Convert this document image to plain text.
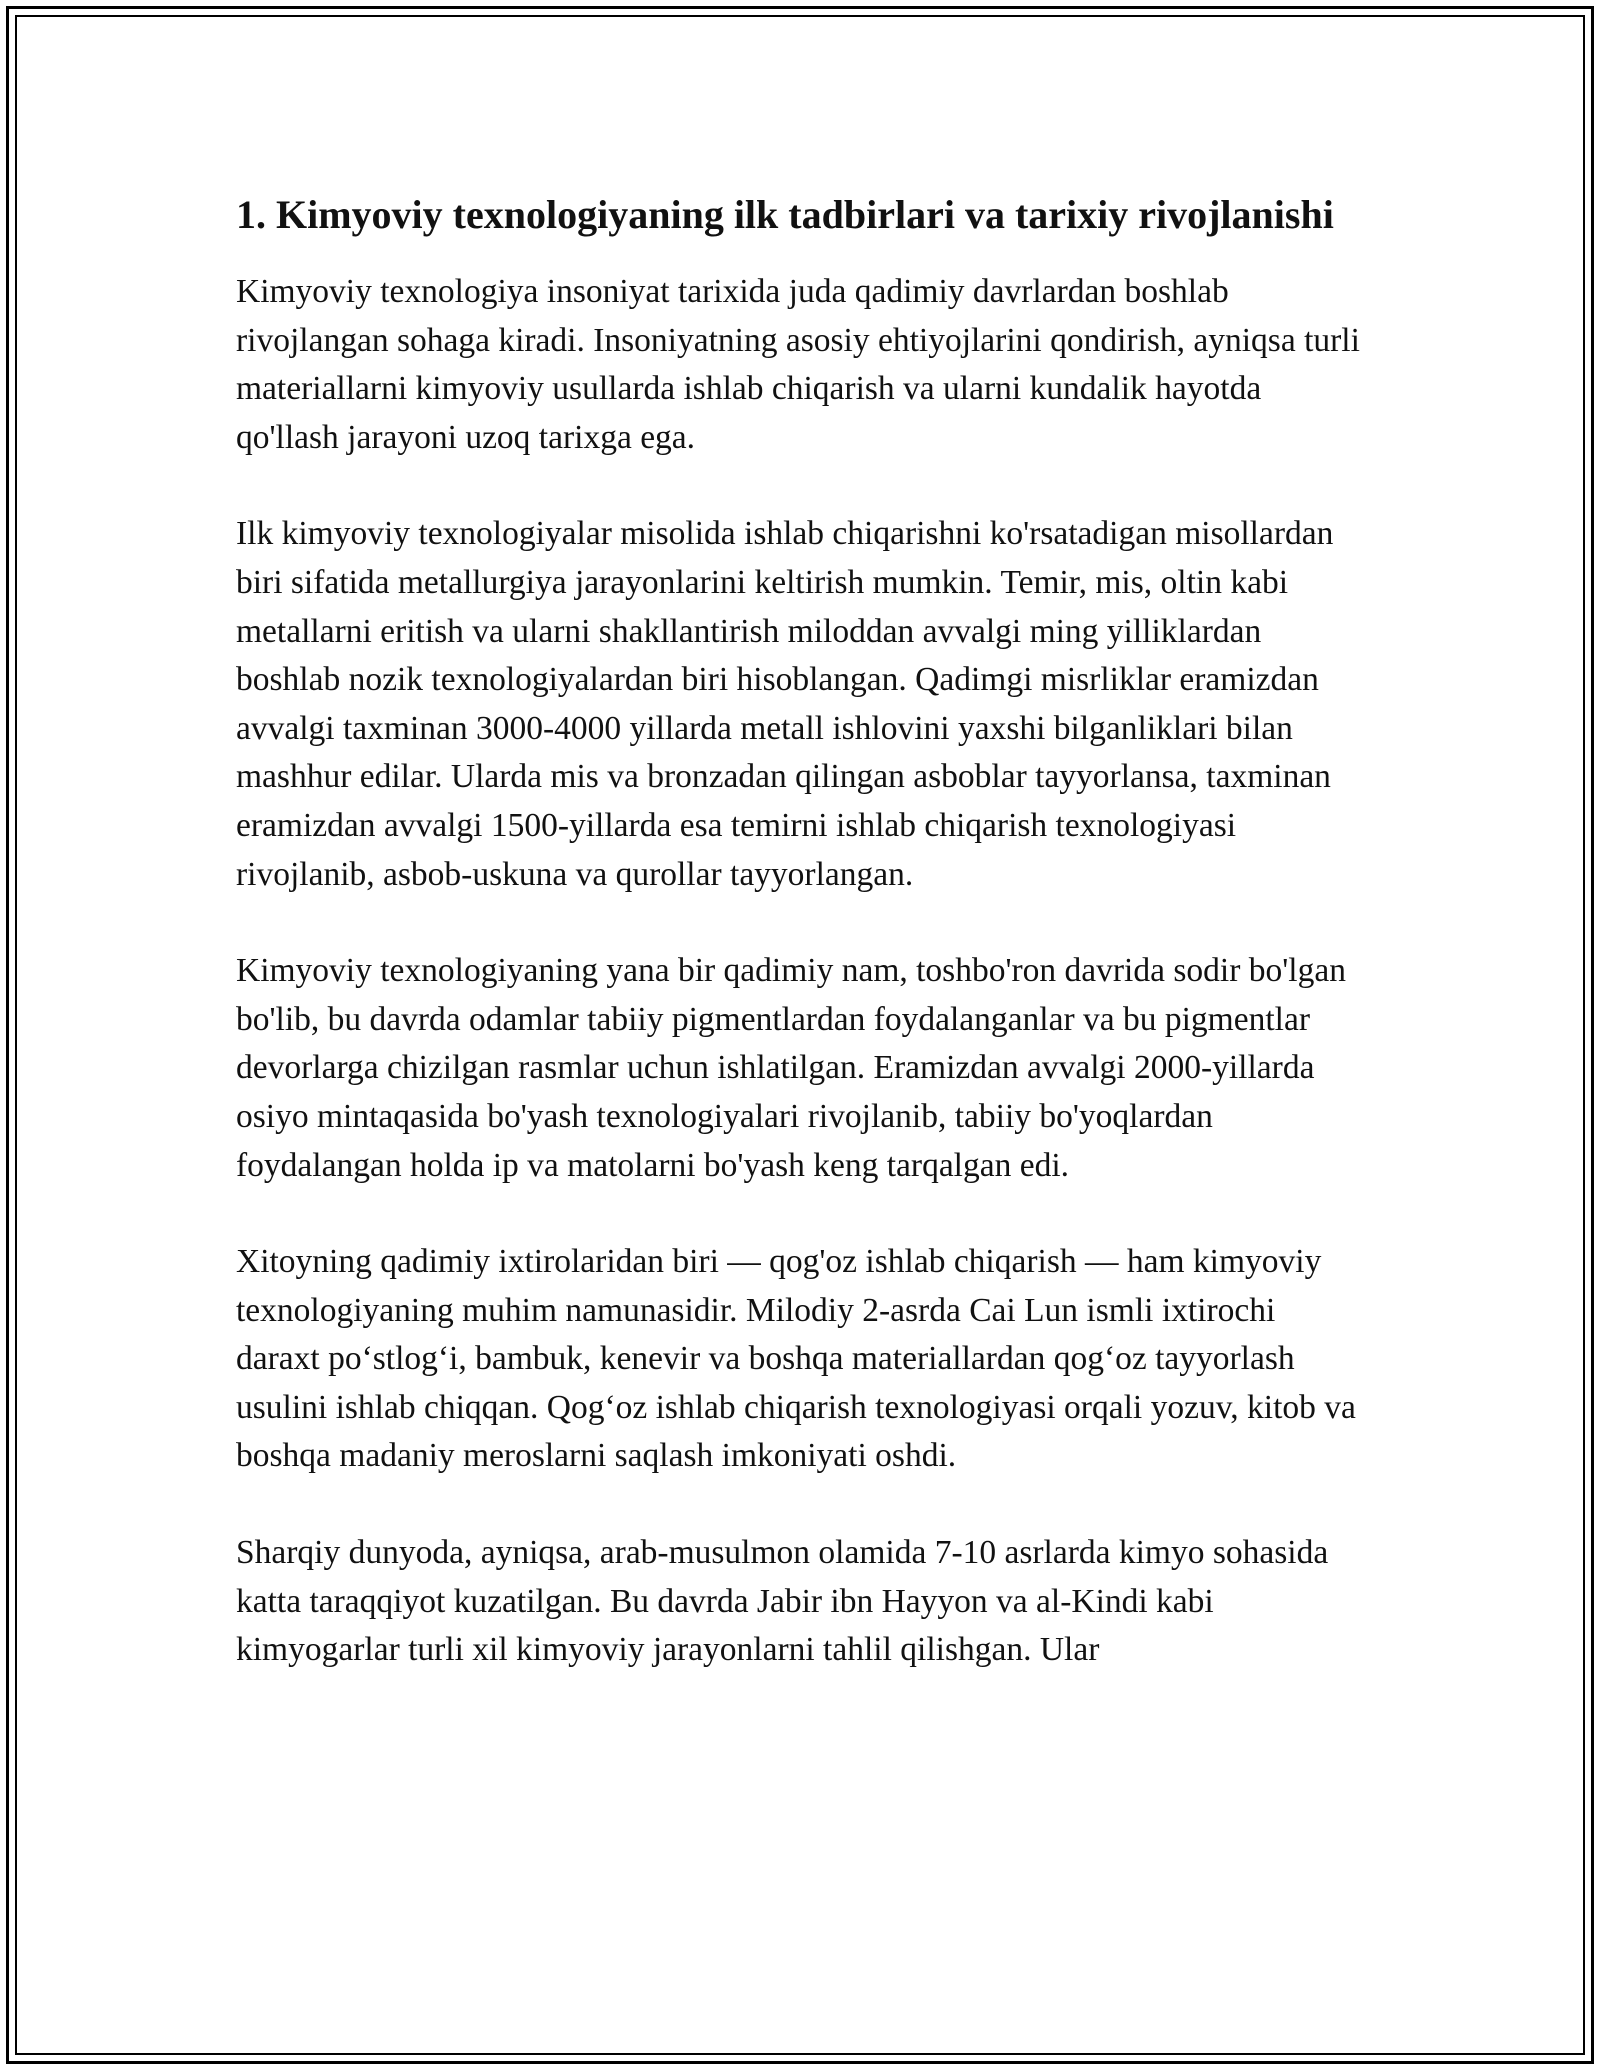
1. Kimyoviy texnologiyaning ilk tadbirlari va tarixiy rivojlanishi

Kimyoviy texnologiya insoniyat tarixida juda qadimiy davrlardan boshlab rivojlangan sohaga kiradi. Insoniyatning asosiy ehtiyojlarini qondirish, ayniqsa turli materiallarni kimyoviy usullarda ishlab chiqarish va ularni kundalik hayotda qo'llash jarayoni uzoq tarixga ega.

Ilk kimyoviy texnologiyalar misolida ishlab chiqarishni ko'rsatadigan misollardan biri sifatida metallurgiya jarayonlarini keltirish mumkin. Temir, mis, oltin kabi metallarni eritish va ularni shakllantirish miloddan avvalgi ming yilliklardan boshlab nozik texnologiyalardan biri hisoblangan. Qadimgi misrliklar eramizdan avvalgi taxminan 3000-4000 yillarda metall ishlovini yaxshi bilganliklari bilan mashhur edilar. Ularda mis va bronzadan qilingan asboblar tayyorlansa, taxminan eramizdan avvalgi 1500-yillarda esa temirni ishlab chiqarish texnologiyasi rivojlanib, asbob-uskuna va qurollar tayyorlangan.

Kimyoviy texnologiyaning yana bir qadimiy nam, toshbo'ron davrida sodir bo'lgan bo'lib, bu davrda odamlar tabiiy pigmentlardan foydalanganlar va bu pigmentlar devorlarga chizilgan rasmlar uchun ishlatilgan. Eramizdan avvalgi 2000-yillarda osiyo mintaqasida bo'yash texnologiyalari rivojlanib, tabiiy bo'yoqlardan foydalangan holda ip va matolarni bo'yash keng tarqalgan edi.

Xitoyning qadimiy ixtirolaridan biri — qog'oz ishlab chiqarish — ham kimyoviy texnologiyaning muhim namunasidir. Milodiy 2-asrda Cai Lun ismli ixtirochi daraxt po‘stlog‘i, bambuk, kenevir va boshqa materiallardan qog‘oz tayyorlash usulini ishlab chiqqan. Qog‘oz ishlab chiqarish texnologiyasi orqali yozuv, kitob va boshqa madaniy meroslarni saqlash imkoniyati oshdi.

Sharqiy dunyoda, ayniqsa, arab-musulmon olamida 7-10 asrlarda kimyo sohasida katta taraqqiyot kuzatilgan. Bu davrda Jabir ibn Hayyon va al-Kindi kabi kimyogarlar turli xil kimyoviy jarayonlarni tahlil qilishgan. Ular
